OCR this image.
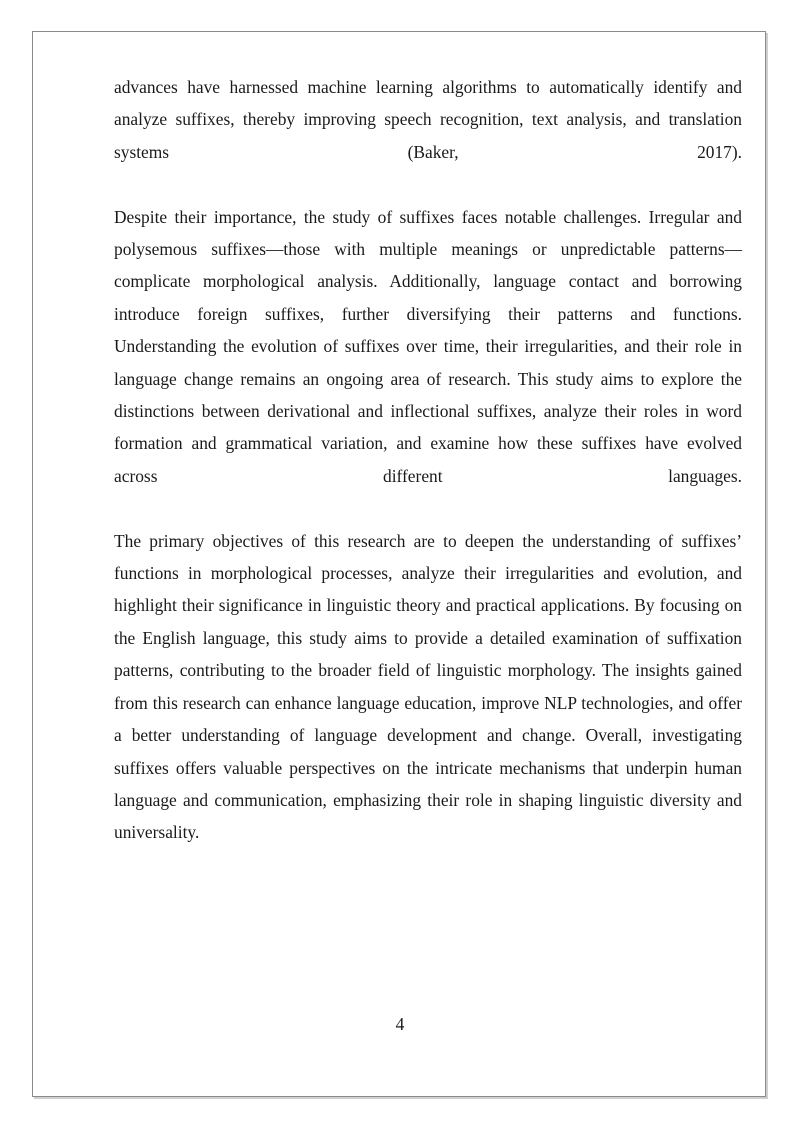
advances have harnessed machine learning algorithms to automatically identify and analyze suffixes, thereby improving speech recognition, text analysis, and translation systems (Baker, 2017).

Despite their importance, the study of suffixes faces notable challenges. Irregular and polysemous suffixes—those with multiple meanings or unpredictable patterns—complicate morphological analysis. Additionally, language contact and borrowing introduce foreign suffixes, further diversifying their patterns and functions. Understanding the evolution of suffixes over time, their irregularities, and their role in language change remains an ongoing area of research. This study aims to explore the distinctions between derivational and inflectional suffixes, analyze their roles in word formation and grammatical variation, and examine how these suffixes have evolved across different languages.

The primary objectives of this research are to deepen the understanding of suffixes’ functions in morphological processes, analyze their irregularities and evolution, and highlight their significance in linguistic theory and practical applications. By focusing on the English language, this study aims to provide a detailed examination of suffixation patterns, contributing to the broader field of linguistic morphology. The insights gained from this research can enhance language education, improve NLP technologies, and offer a better understanding of language development and change. Overall, investigating suffixes offers valuable perspectives on the intricate mechanisms that underpin human language and communication, emphasizing their role in shaping linguistic diversity and universality.

4
